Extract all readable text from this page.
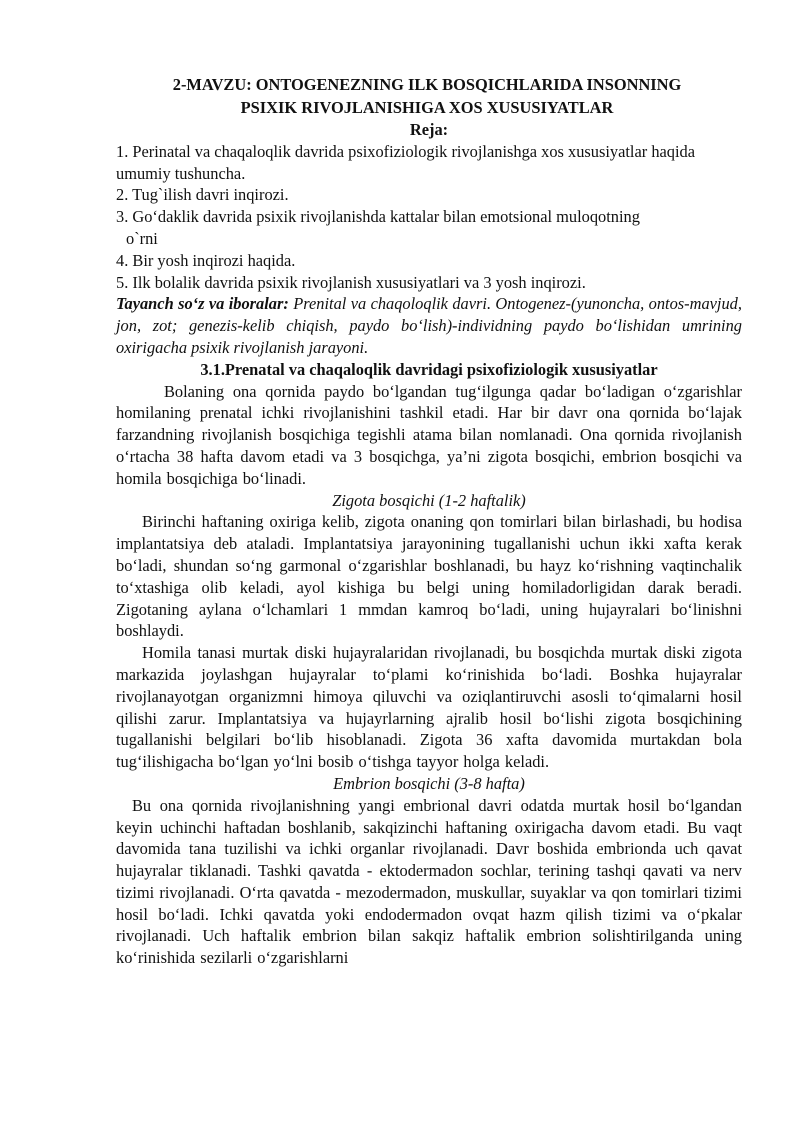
2-MAVZU: ONTOGENEZNING ILK BOSQICHLARIDA INSONNING
PSIXIK RIVOJLANISHIGA XOS XUSUSIYATLAR
Reja:

1. Perinatal va chaqaloqlik davrida psixofiziologik rivojlanishga xos xususiyatlar haqida umumiy tushuncha.

2. Tug`ilish davri inqirozi.

3. Go‘daklik davrida psixik rivojlanishda kattalar bilan emotsional muloqotning

o`rni

4. Bir yosh inqirozi haqida.

5. Ilk bolalik davrida psixik rivojlanish xususiyatlari va 3 yosh inqirozi.

Tayanch so‘z va iboralar: Prenital va chaqoloqlik davri. Ontogenez-(yunoncha, ontos-mavjud, jon, zot; genezis-kelib chiqish, paydo bo‘lish)-individning paydo bo‘lishidan umrining oxirigacha psixik rivojlanish jarayoni.

3.1.Prenatal va chaqaloqlik davridagi psixofiziologik xususiyatlar

Bolaning ona qornida paydo bo‘lgandan tug‘ilgunga qadar bo‘ladigan o‘zgarishlar homilaning prenatal ichki rivojlanishini tashkil etadi. Har bir davr ona qornida bo‘lajak farzandning rivojlanish bosqichiga tegishli atama bilan nomlanadi. Ona qornida rivojlanish o‘rtacha 38 hafta davom etadi va 3 bosqichga, ya’ni zigota bosqichi, embrion bosqichi va homila bosqichiga bo‘linadi.

Zigota bosqichi (1-2 haftalik)

Birinchi haftaning oxiriga kelib, zigota onaning qon tomirlari bilan birlashadi, bu hodisa implantatsiya deb ataladi. Implantatsiya jarayonining tugallanishi uchun ikki xafta kerak bo‘ladi, shundan so‘ng garmonal o‘zgarishlar boshlanadi, bu hayz ko‘rishning vaqtinchalik to‘xtashiga olib keladi, ayol kishiga bu belgi uning homiladorligidan darak beradi. Zigotaning aylana o‘lchamlari 1 mmdan kamroq bo‘ladi, uning hujayralari bo‘linishni boshlaydi.

Homila tanasi murtak diski hujayralaridan rivojlanadi, bu bosqichda murtak diski zigota markazida joylashgan hujayralar to‘plami ko‘rinishida bo‘ladi. Boshka hujayralar rivojlanayotgan organizmni himoya qiluvchi va oziqlantiruvchi asosli to‘qimalarni hosil qilishi zarur. Implantatsiya va hujayrlarning ajralib hosil bo‘lishi zigota bosqichining tugallanishi belgilari bo‘lib hisoblanadi. Zigota 36 xafta davomida murtakdan bola tug‘ilishigacha bo‘lgan yo‘lni bosib o‘tishga tayyor holga keladi.

Embrion bosqichi (3-8 hafta)

Bu ona qornida rivojlanishning yangi embrional davri odatda murtak hosil bo‘lgandan keyin uchinchi haftadan boshlanib, sakqizinchi haftaning oxirigacha davom etadi. Bu vaqt davomida tana tuzilishi va ichki organlar rivojlanadi. Davr boshida embrionda uch qavat hujayralar tiklanadi. Tashki qavatda - ektodermadon sochlar, terining tashqi qavati va nerv tizimi rivojlanadi. O‘rta qavatda - mezodermadon, muskullar, suyaklar va qon tomirlari tizimi hosil bo‘ladi. Ichki qavatda yoki endodermadon ovqat hazm qilish tizimi va o‘pkalar rivojlanadi. Uch haftalik embrion bilan sakqiz haftalik embrion solishtirilganda uning ko‘rinishida sezilarli o‘zgarishlarni
